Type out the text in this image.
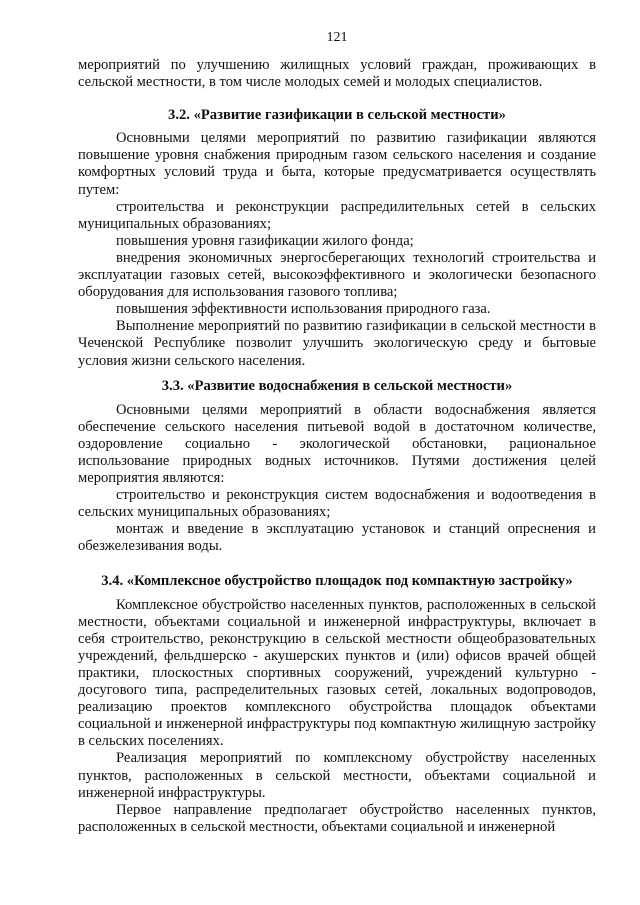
121

мероприятий по улучшению жилищных условий граждан, проживающих в сельской местности, в том числе молодых семей и молодых специалистов.

3.2. «Развитие газификации в сельской местности»

Основными целями мероприятий по развитию газификации являются повышение уровня снабжения природным газом сельского населения и создание комфортных условий труда и быта, которые предусматривается осуществлять путем:

строительства и реконструкции распредилительных сетей в сельских муниципальных образованиях;

повышения уровня газификации жилого фонда;

внедрения экономичных энергосберегающих технологий строительства и эксплуатации газовых сетей, высокоэффективного и экологически безопасного оборудования для использования газового топлива;

повышения эффективности использования природного газа.

Выполнение мероприятий по развитию газификации в сельской местности в Чеченской Республике позволит улучшить экологическую среду и бытовые условия жизни сельского населения.

3.3. «Развитие водоснабжения в сельской местности»

Основными целями мероприятий в области водоснабжения является обеспечение сельского населения питьевой водой в достаточном количестве, оздоровление социально - экологической обстановки, рациональное использование природных водных источников. Путями достижения целей мероприятия являются:

строительство и реконструкция систем водоснабжения и водоотведения в сельских муниципальных образованиях;

монтаж и введение в эксплуатацию установок и станций опреснения и обезжелезивания воды.

3.4. «Комплексное обустройство площадок под компактную застройку»

Комплексное обустройство населенных пунктов, расположенных в сельской местности, объектами социальной и инженерной инфраструктуры, включает в себя строительство, реконструкцию в сельской местности общеобразовательных учреждений, фельдшерско - акушерских пунктов и (или) офисов врачей общей практики, плоскостных спортивных сооружений, учреждений культурно - досугового типа, распределительных газовых сетей, локальных водопроводов, реализацию проектов комплексного обустройства площадок объектами социальной и инженерной инфраструктуры под компактную жилищную застройку в сельских поселениях.

Реализация мероприятий по комплексному обустройству населенных пунктов, расположенных в сельской местности, объектами социальной и инженерной инфраструктуры.

Первое направление предполагает обустройство населенных пунктов, расположенных в сельской местности, объектами социальной и инженерной
